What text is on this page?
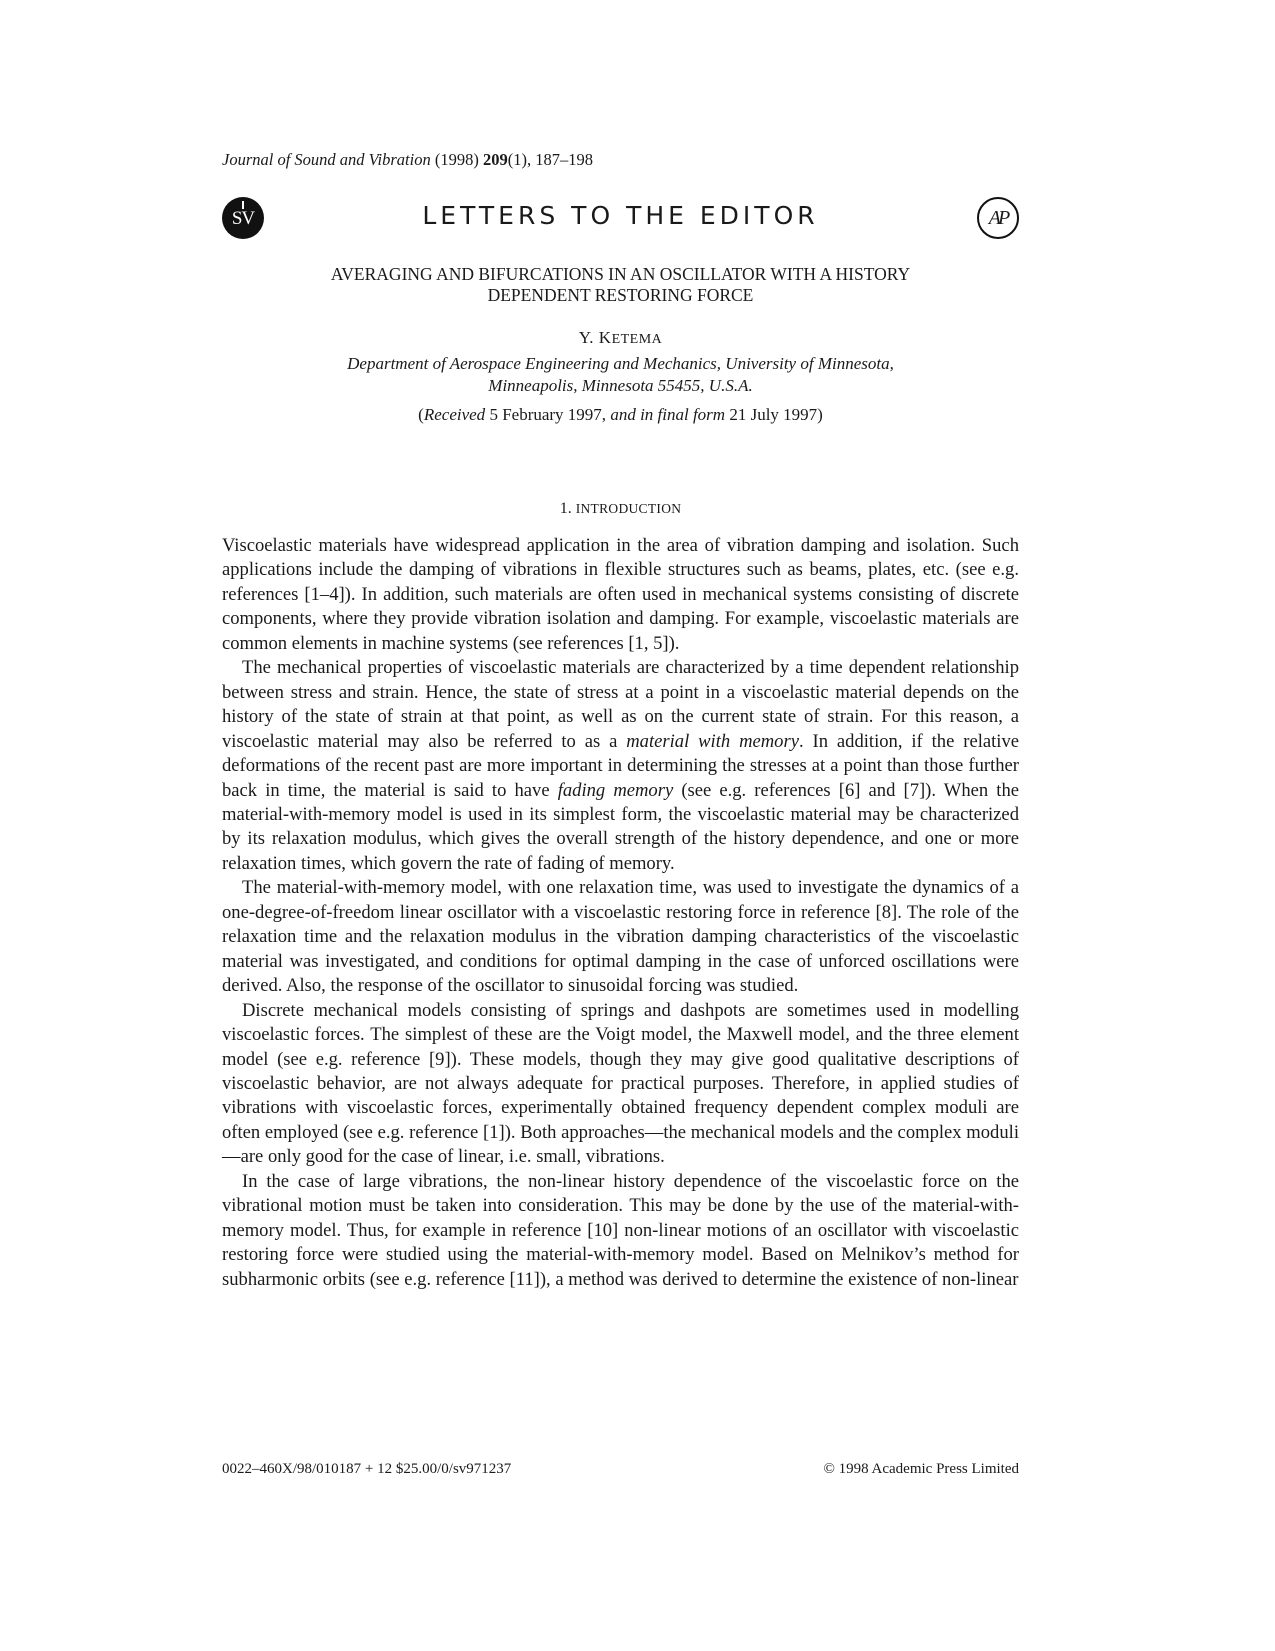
Journal of Sound and Vibration (1998) 209(1), 187–198
SV	LETTERS TO THE EDITOR	AP
AVERAGING AND BIFURCATIONS IN AN OSCILLATOR WITH A HISTORY
DEPENDENT RESTORING FORCE
Y. KETEMA
Department of Aerospace Engineering and Mechanics, University of Minnesota,
Minneapolis, Minnesota 55455, U.S.A.
(Received 5 February 1997, and in final form 21 July 1997)
1. INTRODUCTION

Viscoelastic materials have widespread application in the area of vibration damping and isolation. Such applications include the damping of vibrations in flexible structures such as beams, plates, etc. (see e.g. references [1–4]). In addition, such materials are often used in mechanical systems consisting of discrete components, where they provide vibration isolation and damping. For example, viscoelastic materials are common elements in machine systems (see references [1, 5]).

The mechanical properties of viscoelastic materials are characterized by a time dependent relationship between stress and strain. Hence, the state of stress at a point in a viscoelastic material depends on the history of the state of strain at that point, as well as on the current state of strain. For this reason, a viscoelastic material may also be referred to as a material with memory. In addition, if the relative deformations of the recent past are more important in determining the stresses at a point than those further back in time, the material is said to have fading memory (see e.g. references [6] and [7]). When the material-with-memory model is used in its simplest form, the viscoelastic material may be characterized by its relaxation modulus, which gives the overall strength of the history dependence, and one or more relaxation times, which govern the rate of fading of memory.

The material-with-memory model, with one relaxation time, was used to investigate the dynamics of a one-degree-of-freedom linear oscillator with a viscoelastic restoring force in reference [8]. The role of the relaxation time and the relaxation modulus in the vibration damping characteristics of the viscoelastic material was investigated, and conditions for optimal damping in the case of unforced oscillations were derived. Also, the response of the oscillator to sinusoidal forcing was studied.

Discrete mechanical models consisting of springs and dashpots are sometimes used in modelling viscoelastic forces. The simplest of these are the Voigt model, the Maxwell model, and the three element model (see e.g. reference [9]). These models, though they may give good qualitative descriptions of viscoelastic behavior, are not always adequate for practical purposes. Therefore, in applied studies of vibrations with viscoelastic forces, experimentally obtained frequency dependent complex moduli are often employed (see e.g. reference [1]). Both approaches—the mechanical models and the complex moduli—are only good for the case of linear, i.e. small, vibrations.

In the case of large vibrations, the non-linear history dependence of the viscoelastic force on the vibrational motion must be taken into consideration. This may be done by the use of the material-with-memory model. Thus, for example in reference [10] non-linear motions of an oscillator with viscoelastic restoring force were studied using the material-with-memory model. Based on Melnikov’s method for subharmonic orbits (see e.g. reference [11]), a method was derived to determine the existence of non-linear

0022–460X/98/010187 + 12 $25.00/0/sv971237	© 1998 Academic Press Limited
